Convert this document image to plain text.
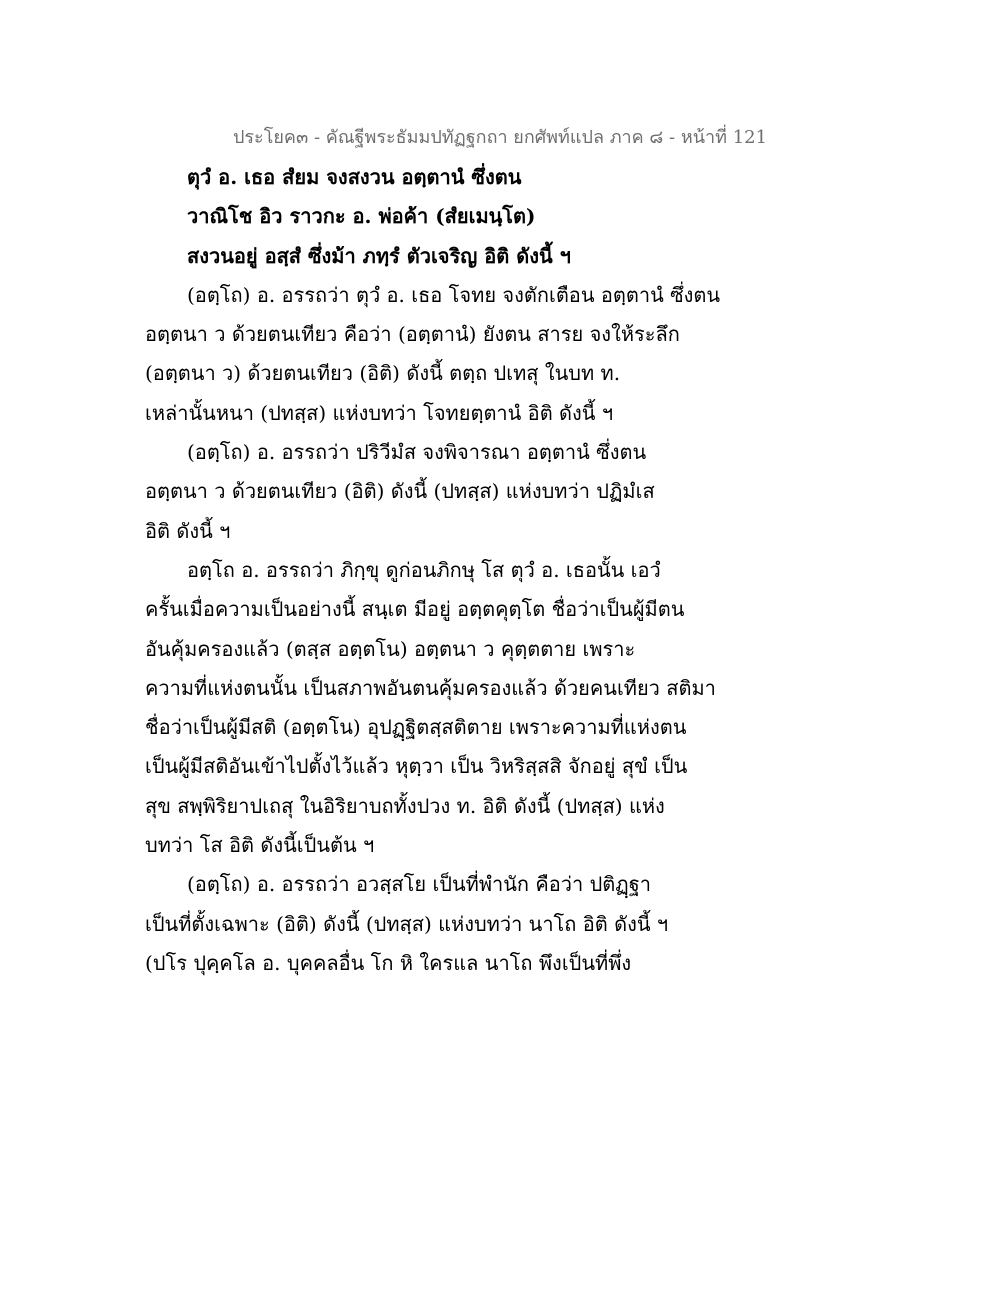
ประโยค๓ - คัณฐีพระธัมมปทัฏฐกถา ยกศัพท์แปล ภาค ๘ - หน้าที่ 121
ตุวํ อ. เธอ สํยม จงสงวน อตฺตานํ ซึ่งตน
วาณิโช อิว ราวกะ อ. พ่อค้า (สํยเมนฺโต)
สงวนอยู่ อสฺสํ ซึ่งม้า ภทฺรํ ตัวเจริญ อิติ ดังนี้ ฯ
(อตฺโถ) อ. อรรถว่า ตุวํ อ. เธอ โจทย จงตักเตือน อตฺตานํ ซึ่งตน
อตฺตนา ว ด้วยตนเทียว คือว่า (อตฺตานํ) ยังตน สารย จงให้ระลึก
(อตฺตนา ว) ด้วยตนเทียว (อิติ) ดังนี้ ตตฺถ ปเทสุ ในบท ท.
เหล่านั้นหนา (ปทสฺส) แห่งบทว่า โจทยตฺตานํ อิติ ดังนี้ ฯ
(อตฺโถ) อ. อรรถว่า ปริวีมํส จงพิจารณา อตฺตานํ ซึ่งตน
อตฺตนา ว ด้วยตนเทียว (อิติ) ดังนี้ (ปทสฺส) แห่งบทว่า ปฏิมํเส
อิติ ดังนี้ ฯ
อตฺโถ อ. อรรถว่า ภิกฺขุ ดูก่อนภิกษุ โส ตุวํ อ. เธอนั้น เอวํ
ครั้นเมื่อความเป็นอย่างนี้ สนฺเต มีอยู่ อตฺตคุตฺโต ชื่อว่าเป็นผู้มีตน
อันคุ้มครองแล้ว (ตสฺส อตฺตโน) อตฺตนา ว คุตฺตตาย เพราะ
ความที่แห่งตนนั้น เป็นสภาพอันตนคุ้มครองแล้ว ด้วยคนเทียว สติมา
ชื่อว่าเป็นผู้มีสติ (อตฺตโน) อุปฏฺฐิตสฺสติตาย เพราะความที่แห่งตน
เป็นผู้มีสติอันเข้าไปตั้งไว้แล้ว หุตฺวา เป็น วิหริสฺสสิ จักอยู่ สุขํ เป็น
สุข สพฺพิริยาปเถสุ ในอิริยาบถทั้งปวง ท. อิติ ดังนี้ (ปทสฺส) แห่ง
บทว่า โส อิติ ดังนี้เป็นต้น ฯ
(อตฺโถ) อ. อรรถว่า อวสฺสโย เป็นที่พำนัก คือว่า ปติฏฺฐา
เป็นที่ตั้งเฉพาะ (อิติ) ดังนี้ (ปทสฺส) แห่งบทว่า นาโถ อิติ ดังนี้ ฯ
(ปโร ปุคฺคโล อ. บุคคลอื่น โก หิ ใครแล นาโถ พึงเป็นที่พึ่ง
